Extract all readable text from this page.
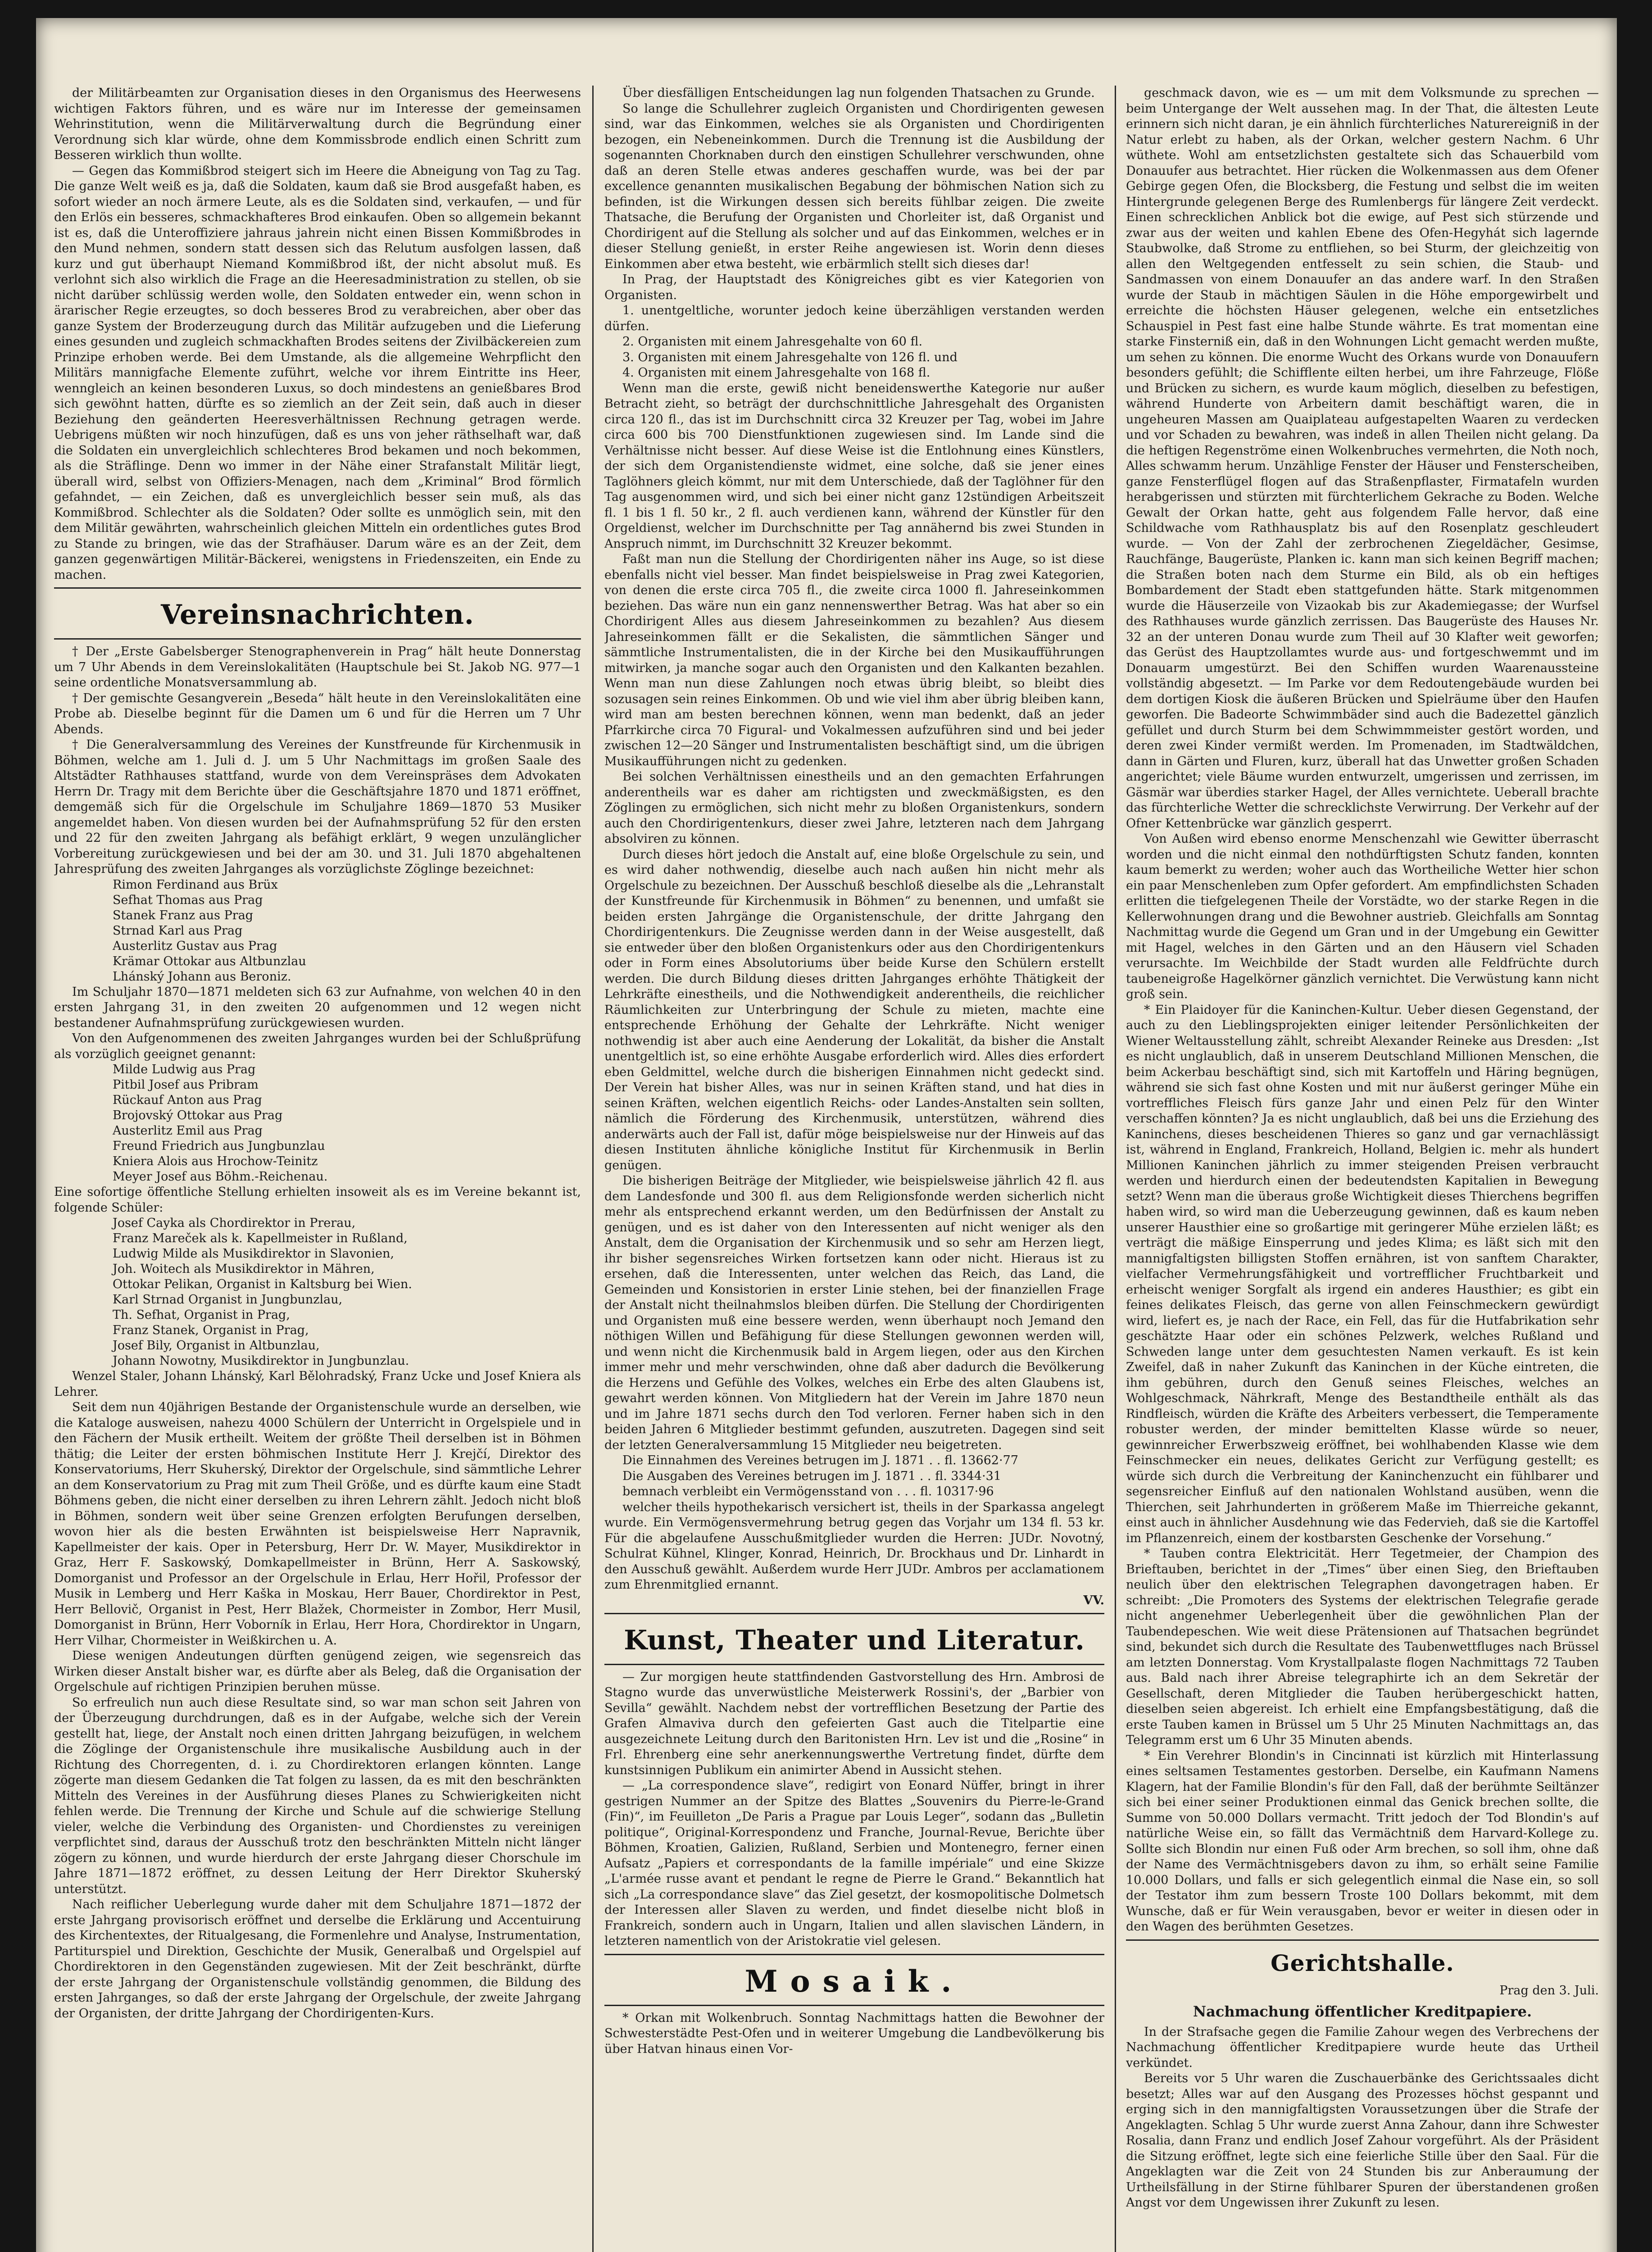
der Militärbeamten zur Organisation dieses in den Organismus des Heerwesens wichtigen Faktors führen, und es wäre nur im Interesse der gemeinsamen Wehrinstitution, wenn die Militärverwaltung durch die Begründung einer Verordnung sich klar würde, ohne dem Kommissbrode endlich einen Schritt zum Besseren wirklich thun wollte.

— Gegen das Kommißbrod steigert sich im Heere die Abneigung von Tag zu Tag. Die ganze Welt weiß es ja, daß die Soldaten, kaum daß sie Brod ausgefaßt haben, es sofort wieder an noch ärmere Leute, als es die Soldaten sind, verkaufen, — und für den Erlös ein besseres, schmackhafteres Brod einkaufen. Oben so allgemein bekannt ist es, daß die Unteroffiziere jahraus jahrein nicht einen Bissen Kommißbrodes in den Mund nehmen, sondern statt dessen sich das Relutum ausfolgen lassen, daß kurz und gut überhaupt Niemand Kommißbrod ißt, der nicht absolut muß. Es verlohnt sich also wirklich die Frage an die Heeresadministration zu stellen, ob sie nicht darüber schlüssig werden wolle, den Soldaten entweder ein, wenn schon in ärarischer Regie erzeugtes, so doch besseres Brod zu verabreichen, aber ober das ganze System der Broderzeugung durch das Militär aufzugeben und die Lieferung eines gesunden und zugleich schmackhaften Brodes seitens der Zivilbäckereien zum Prinzipe erhoben werde. Bei dem Umstande, als die allgemeine Wehrpflicht den Militärs mannigfache Elemente zuführt, welche vor ihrem Eintritte ins Heer, wenngleich an keinen besonderen Luxus, so doch mindestens an genießbares Brod sich gewöhnt hatten, dürfte es so ziemlich an der Zeit sein, daß auch in dieser Beziehung den geänderten Heeresverhältnissen Rechnung getragen werde. Uebrigens müßten wir noch hinzufügen, daß es uns von jeher räthselhaft war, daß die Soldaten ein unvergleichlich schlechteres Brod bekamen und noch bekommen, als die Sträflinge. Denn wo immer in der Nähe einer Strafanstalt Militär liegt, überall wird, selbst von Offiziers-Menagen, nach dem „Kriminal“ Brod förmlich gefahndet, — ein Zeichen, daß es unvergleichlich besser sein muß, als das Kommißbrod. Schlechter als die Soldaten? Oder sollte es unmöglich sein, mit den dem Militär gewährten, wahrscheinlich gleichen Mitteln ein ordentliches gutes Brod zu Stande zu bringen, wie das der Strafhäuser. Darum wäre es an der Zeit, dem ganzen gegenwärtigen Militär-Bäckerei, wenigstens in Friedenszeiten, ein Ende zu machen.

Vereinsnachrichten.

† Der „Erste Gabelsberger Stenographenverein in Prag“ hält heute Donnerstag um 7 Uhr Abends in dem Vereinslokalitäten (Hauptschule bei St. Jakob NG. 977—1 seine ordentliche Monatsversammlung ab.

† Der gemischte Gesangverein „Beseda“ hält heute in den Vereinslokalitäten eine Probe ab. Dieselbe beginnt für die Damen um 6 und für die Herren um 7 Uhr Abends.

† Die Generalversammlung des Vereines der Kunstfreunde für Kirchenmusik in Böhmen, welche am 1. Juli d. J. um 5 Uhr Nachmittags im großen Saale des Altstädter Rathhauses stattfand, wurde von dem Vereinspräses dem Advokaten Herrn Dr. Tragy mit dem Berichte über die Geschäftsjahre 1870 und 1871 eröffnet, demgemäß sich für die Orgelschule im Schuljahre 1869—1870 53 Musiker angemeldet haben. Von diesen wurden bei der Aufnahmsprüfung 52 für den ersten und 22 für den zweiten Jahrgang als befähigt erklärt, 9 wegen unzulänglicher Vorbereitung zurückgewiesen und bei der am 30. und 31. Juli 1870 abgehaltenen Jahresprüfung des zweiten Jahrganges als vorzüglichste Zöglinge bezeichnet:

Rimon Ferdinand aus Brüx
Sefhat Thomas aus Prag
Stanek Franz aus Prag
Strnad Karl aus Prag
Austerlitz Gustav aus Prag
Krämar Ottokar aus Altbunzlau
Lhánský Johann aus Beroniz.

Im Schuljahr 1870—1871 meldeten sich 63 zur Aufnahme, von welchen 40 in den ersten Jahrgang 31, in den zweiten 20 aufgenommen und 12 wegen nicht bestandener Aufnahmsprüfung zurückgewiesen wurden.

Von den Aufgenommenen des zweiten Jahrganges wurden bei der Schlußprüfung als vorzüglich geeignet genannt:

Milde Ludwig aus Prag
Pitbil Josef aus Pribram
Rückauf Anton aus Prag
Brojovský Ottokar aus Prag
Austerlitz Emil aus Prag
Freund Friedrich aus Jungbunzlau
Kniera Alois aus Hrochow-Teinitz
Meyer Josef aus Böhm.-Reichenau.

Eine sofortige öffentliche Stellung erhielten insoweit als es im Vereine bekannt ist, folgende Schüler:

Josef Cayka als Chordirektor in Prerau,
Franz Mareček als k. Kapellmeister in Rußland,
Ludwig Milde als Musikdirektor in Slavonien,
Joh. Woitech als Musikdirektor in Mähren,
Ottokar Pelikan, Organist in Kaltsburg bei Wien.
Karl Strnad Organist in Jungbunzlau,
Th. Sefhat, Organist in Prag,
Franz Stanek, Organist in Prag,
Josef Bily, Organist in Altbunzlau,
Johann Nowotny, Musikdirektor in Jungbunzlau.

Wenzel Staler, Johann Lhánský, Karl Bělohradský, Franz Ucke und Josef Kniera als Lehrer.

Seit dem nun 40jährigen Bestande der Organistenschule wurde an derselben, wie die Kataloge ausweisen, nahezu 4000 Schülern der Unterricht in Orgelspiele und in den Fächern der Musik ertheilt. Weitem der größte Theil derselben ist in Böhmen thätig; die Leiter der ersten böhmischen Institute Herr J. Krejčí, Direktor des Konservatoriums, Herr Skuherský, Direktor der Orgelschule, sind sämmtliche Lehrer an dem Konservatorium zu Prag mit zum Theil Größe, und es dürfte kaum eine Stadt Böhmens geben, die nicht einer derselben zu ihren Lehrern zählt. Jedoch nicht bloß in Böhmen, sondern weit über seine Grenzen erfolgten Berufungen derselben, wovon hier als die besten Erwähnten ist beispielsweise Herr Napravnik, Kapellmeister der kais. Oper in Petersburg, Herr Dr. W. Mayer, Musikdirektor in Graz, Herr F. Saskowský, Domkapellmeister in Brünn, Herr A. Saskowský, Domorganist und Professor an der Orgelschule in Erlau, Herr Hořil, Professor der Musik in Lemberg und Herr Kaška in Moskau, Herr Bauer, Chordirektor in Pest, Herr Bellovič, Organist in Pest, Herr Blažek, Chormeister in Zombor, Herr Musil, Domorganist in Brünn, Herr Voborník in Erlau, Herr Hora, Chordirektor in Ungarn, Herr Vilhar, Chormeister in Weißkirchen u. A.

Diese wenigen Andeutungen dürften genügend zeigen, wie segensreich das Wirken dieser Anstalt bisher war, es dürfte aber als Beleg, daß die Organisation der Orgelschule auf richtigen Prinzipien beruhen müsse.

So erfreulich nun auch diese Resultate sind, so war man schon seit Jahren von der Überzeugung durchdrungen, daß es in der Aufgabe, welche sich der Verein gestellt hat, liege, der Anstalt noch einen dritten Jahrgang beizufügen, in welchem die Zöglinge der Organistenschule ihre musikalische Ausbildung auch in der Richtung des Chorregenten, d. i. zu Chordirektoren erlangen könnten. Lange zögerte man diesem Gedanken die Tat folgen zu lassen, da es mit den beschränkten Mitteln des Vereines in der Ausführung dieses Planes zu Schwierigkeiten nicht fehlen werde. Die Trennung der Kirche und Schule auf die schwierige Stellung vieler, welche die Verbindung des Organisten- und Chordienstes zu vereinigen verpflichtet sind, daraus der Ausschuß trotz den beschränkten Mitteln nicht länger zögern zu können, und wurde hierdurch der erste Jahrgang dieser Chorschule im Jahre 1871—1872 eröffnet, zu dessen Leitung der Herr Direktor Skuherský unterstützt.

Nach reiflicher Ueberlegung wurde daher mit dem Schuljahre 1871—1872 der erste Jahrgang provisorisch eröffnet und derselbe die Erklärung und Accentuirung des Kirchentextes, der Ritualgesang, die Formenlehre und Analyse, Instrumentation, Partiturspiel und Direktion, Geschichte der Musik, Generalbaß und Orgelspiel auf Chordirektoren in den Gegenständen zugewiesen. Mit der Zeit beschränkt, dürfte der erste Jahrgang der Organistenschule vollständig genommen, die Bildung des ersten Jahrganges, so daß der erste Jahrgang der Orgelschule, der zweite Jahrgang der Organisten, der dritte Jahrgang der Chordirigenten-Kurs.

Über diesfälligen Entscheidungen lag nun folgenden Thatsachen zu Grunde.

So lange die Schullehrer zugleich Organisten und Chordirigenten gewesen sind, war das Einkommen, welches sie als Organisten und Chordirigenten bezogen, ein Nebeneinkommen. Durch die Trennung ist die Ausbildung der sogenannten Chorknaben durch den einstigen Schullehrer verschwunden, ohne daß an deren Stelle etwas anderes geschaffen wurde, was bei der par excellence genannten musikalischen Begabung der böhmischen Nation sich zu befinden, ist die Wirkungen dessen sich bereits fühlbar zeigen. Die zweite Thatsache, die Berufung der Organisten und Chorleiter ist, daß Organist und Chordirigent auf die Stellung als solcher und auf das Einkommen, welches er in dieser Stellung genießt, in erster Reihe angewiesen ist. Worin denn dieses Einkommen aber etwa besteht, wie erbärmlich stellt sich dieses dar!

In Prag, der Hauptstadt des Königreiches gibt es vier Kategorien von Organisten.

1. unentgeltliche, worunter jedoch keine überzähligen verstanden werden dürfen.

2. Organisten mit einem Jahresgehalte von 60 fl.

3. Organisten mit einem Jahresgehalte von 126 fl. und

4. Organisten mit einem Jahresgehalte von 168 fl.

Wenn man die erste, gewiß nicht beneidenswerthe Kategorie nur außer Betracht zieht, so beträgt der durchschnittliche Jahresgehalt des Organisten circa 120 fl., das ist im Durchschnitt circa 32 Kreuzer per Tag, wobei im Jahre circa 600 bis 700 Dienstfunktionen zugewiesen sind. Im Lande sind die Verhältnisse nicht besser. Auf diese Weise ist die Entlohnung eines Künstlers, der sich dem Organistendienste widmet, eine solche, daß sie jener eines Taglöhners gleich kömmt, nur mit dem Unterschiede, daß der Taglöhner für den Tag ausgenommen wird, und sich bei einer nicht ganz 12stündigen Arbeitszeit fl. 1 bis 1 fl. 50 kr., 2 fl. auch verdienen kann, während der Künstler für den Orgeldienst, welcher im Durchschnitte per Tag annähernd bis zwei Stunden in Anspruch nimmt, im Durchschnitt 32 Kreuzer bekommt.

Faßt man nun die Stellung der Chordirigenten näher ins Auge, so ist diese ebenfalls nicht viel besser. Man findet beispielsweise in Prag zwei Kategorien, von denen die erste circa 705 fl., die zweite circa 1000 fl. Jahreseinkommen beziehen. Das wäre nun ein ganz nennenswerther Betrag. Was hat aber so ein Chordirigent Alles aus diesem Jahreseinkommen zu bezahlen? Aus diesem Jahreseinkommen fällt er die Sekalisten, die sämmtlichen Sänger und sämmtliche Instrumentalisten, die in der Kirche bei den Musikaufführungen mitwirken, ja manche sogar auch den Organisten und den Kalkanten bezahlen. Wenn man nun diese Zahlungen noch etwas übrig bleibt, so bleibt dies sozusagen sein reines Einkommen. Ob und wie viel ihm aber übrig bleiben kann, wird man am besten berechnen können, wenn man bedenkt, daß an jeder Pfarrkirche circa 70 Figural- und Vokalmessen aufzuführen sind und bei jeder zwischen 12—20 Sänger und Instrumentalisten beschäftigt sind, um die übrigen Musikaufführungen nicht zu gedenken.

Bei solchen Verhältnissen einestheils und an den gemachten Erfahrungen anderentheils war es daher am richtigsten und zweckmäßigsten, es den Zöglingen zu ermöglichen, sich nicht mehr zu bloßen Organistenkurs, sondern auch den Chordirigentenkurs, dieser zwei Jahre, letzteren nach dem Jahrgang absolviren zu können.

Durch dieses hört jedoch die Anstalt auf, eine bloße Orgelschule zu sein, und es wird daher nothwendig, dieselbe auch nach außen hin nicht mehr als Orgelschule zu bezeichnen. Der Ausschuß beschloß dieselbe als die „Lehranstalt der Kunstfreunde für Kirchenmusik in Böhmen“ zu benennen, und umfaßt sie beiden ersten Jahrgänge die Organistenschule, der dritte Jahrgang den Chordirigentenkurs. Die Zeugnisse werden dann in der Weise ausgestellt, daß sie entweder über den bloßen Organistenkurs oder aus den Chordirigentenkurs oder in Form eines Absolutoriums über beide Kurse den Schülern erstellt werden. Die durch Bildung dieses dritten Jahrganges erhöhte Thätigkeit der Lehrkräfte einestheils, und die Nothwendigkeit anderentheils, die reichlicher Räumlichkeiten zur Unterbringung der Schule zu mieten, machte eine entsprechende Erhöhung der Gehalte der Lehrkräfte. Nicht weniger nothwendig ist aber auch eine Aenderung der Lokalität, da bisher die Anstalt unentgeltlich ist, so eine erhöhte Ausgabe erforderlich wird. Alles dies erfordert eben Geldmittel, welche durch die bisherigen Einnahmen nicht gedeckt sind. Der Verein hat bisher Alles, was nur in seinen Kräften stand, und hat dies in seinen Kräften, welchen eigentlich Reichs- oder Landes-Anstalten sein sollten, nämlich die Förderung des Kirchenmusik, unterstützen, während dies anderwärts auch der Fall ist, dafür möge beispielsweise nur der Hinweis auf das diesen Instituten ähnliche königliche Institut für Kirchenmusik in Berlin genügen.

Die bisherigen Beiträge der Mitglieder, wie beispielsweise jährlich 42 fl. aus dem Landesfonde und 300 fl. aus dem Religionsfonde werden sicherlich nicht mehr als entsprechend erkannt werden, um den Bedürfnissen der Anstalt zu genügen, und es ist daher von den Interessenten auf nicht weniger als den Anstalt, dem die Organisation der Kirchenmusik und so sehr am Herzen liegt, ihr bisher segensreiches Wirken fortsetzen kann oder nicht. Hieraus ist zu ersehen, daß die Interessenten, unter welchen das Reich, das Land, die Gemeinden und Konsistorien in erster Linie stehen, bei der finanziellen Frage der Anstalt nicht theilnahmslos bleiben dürfen. Die Stellung der Chordirigenten und Organisten muß eine bessere werden, wenn überhaupt noch Jemand den nöthigen Willen und Befähigung für diese Stellungen gewonnen werden will, und wenn nicht die Kirchenmusik bald in Argem liegen, oder aus den Kirchen immer mehr und mehr verschwinden, ohne daß aber dadurch die Bevölkerung die Herzens und Gefühle des Volkes, welches ein Erbe des alten Glaubens ist, gewahrt werden können. Von Mitgliedern hat der Verein im Jahre 1870 neun und im Jahre 1871 sechs durch den Tod verloren. Ferner haben sich in den beiden Jahren 6 Mitglieder bestimmt gefunden, auszutreten. Dagegen sind seit der letzten Generalversammlung 15 Mitglieder neu beigetreten.

Die Einnahmen des Vereines betrugen im J. 1871 . . fl. 13662·77

Die Ausgaben des Vereines betrugen im J. 1871 . . fl. 3344·31

bemnach verbleibt ein Vermögensstand von . . . fl. 10317·96

welcher theils hypothekarisch versichert ist, theils in der Sparkassa angelegt wurde. Ein Vermögensvermehrung betrug gegen das Vorjahr um 134 fl. 53 kr. Für die abgelaufene Ausschußmitglieder wurden die Herren: JUDr. Novotný, Schulrat Kühnel, Klinger, Konrad, Heinrich, Dr. Brockhaus und Dr. Linhardt in den Ausschuß gewählt. Außerdem wurde Herr JUDr. Ambros per acclamationem zum Ehrenmitglied ernannt.

VV.
Kunst, Theater und Literatur.

— Zur morgigen heute stattfindenden Gastvorstellung des Hrn. Ambrosi de Stagno wurde das unverwüstliche Meisterwerk Rossini's, der „Barbier von Sevilla“ gewählt. Nachdem nebst der vortrefflichen Besetzung der Partie des Grafen Almaviva durch den gefeierten Gast auch die Titelpartie eine ausgezeichnete Leitung durch den Baritonisten Hrn. Lev ist und die „Rosine“ in Frl. Ehrenberg eine sehr anerkennungswerthe Vertretung findet, dürfte dem kunstsinnigen Publikum ein animirter Abend in Aussicht stehen.

— „La correspondence slave“, redigirt von Eonard Nüffer, bringt in ihrer gestrigen Nummer an der Spitze des Blattes „Souvenirs du Pierre-le-Grand (Fin)“, im Feuilleton „De Paris a Prague par Louis Leger“, sodann das „Bulletin politique“, Original-Korrespondenz und Franche, Journal-Revue, Berichte über Böhmen, Kroatien, Galizien, Rußland, Serbien und Montenegro, ferner einen Aufsatz „Papiers et correspondants de la famille impériale“ und eine Skizze „L'armée russe avant et pendant le regne de Pierre le Grand.“ Bekanntlich hat sich „La correspondance slave“ das Ziel gesetzt, der kosmopolitische Dolmetsch der Interessen aller Slaven zu werden, und findet dieselbe nicht bloß in Frankreich, sondern auch in Ungarn, Italien und allen slavischen Ländern, in letzteren namentlich von der Aristokratie viel gelesen.

Mosaik.

* Orkan mit Wolkenbruch. Sonntag Nachmittags hatten die Bewohner der Schwesterstädte Pest-Ofen und in weiterer Umgebung die Landbevölkerung bis über Hatvan hinaus einen Vor-

geschmack davon, wie es — um mit dem Volksmunde zu sprechen — beim Untergange der Welt aussehen mag. In der That, die ältesten Leute erinnern sich nicht daran, je ein ähnlich fürchterliches Naturereigniß in der Natur erlebt zu haben, als der Orkan, welcher gestern Nachm. 6 Uhr wüthete. Wohl am entsetzlichsten gestaltete sich das Schauerbild vom Donauufer aus betrachtet. Hier rücken die Wolkenmassen aus dem Ofener Gebirge gegen Ofen, die Blocksberg, die Festung und selbst die im weiten Hintergrunde gelegenen Berge des Rumlenbergs für längere Zeit verdeckt. Einen schrecklichen Anblick bot die ewige, auf Pest sich stürzende und zwar aus der weiten und kahlen Ebene des Ofen-Hegyhát sich lagernde Staubwolke, daß Strome zu entfliehen, so bei Sturm, der gleichzeitig von allen den Weltgegenden entfesselt zu sein schien, die Staub- und Sandmassen von einem Donauufer an das andere warf. In den Straßen wurde der Staub in mächtigen Säulen in die Höhe emporgewirbelt und erreichte die höchsten Häuser gelegenen, welche ein entsetzliches Schauspiel in Pest fast eine halbe Stunde währte. Es trat momentan eine starke Finsterniß ein, daß in den Wohnungen Licht gemacht werden mußte, um sehen zu können. Die enorme Wucht des Orkans wurde von Donauufern besonders gefühlt; die Schifflente eilten herbei, um ihre Fahrzeuge, Flöße und Brücken zu sichern, es wurde kaum möglich, dieselben zu befestigen, während Hunderte von Arbeitern damit beschäftigt waren, die in ungeheuren Massen am Quaiplateau aufgestapelten Waaren zu verdecken und vor Schaden zu bewahren, was indeß in allen Theilen nicht gelang. Da die heftigen Regenströme einen Wolkenbruches vermehrten, die Noth noch, Alles schwamm herum. Unzählige Fenster der Häuser und Fensterscheiben, ganze Fensterflügel flogen auf das Straßenpflaster, Firmatafeln wurden herabgerissen und stürzten mit fürchterlichem Gekrache zu Boden. Welche Gewalt der Orkan hatte, geht aus folgendem Falle hervor, daß eine Schildwache vom Rathhausplatz bis auf den Rosenplatz geschleudert wurde. — Von der Zahl der zerbrochenen Ziegeldächer, Gesimse, Rauchfänge, Baugerüste, Planken ic. kann man sich keinen Begriff machen; die Straßen boten nach dem Sturme ein Bild, als ob ein heftiges Bombardement der Stadt eben stattgefunden hätte. Stark mitgenommen wurde die Häuserzeile von Vizaokab bis zur Akademiegasse; der Wurfsel des Rathhauses wurde gänzlich zerrissen. Das Baugerüste des Hauses Nr. 32 an der unteren Donau wurde zum Theil auf 30 Klafter weit geworfen; das Gerüst des Hauptzollamtes wurde aus- und fortgeschwemmt und im Donauarm umgestürzt. Bei den Schiffen wurden Waarenaussteine vollständig abgesetzt. — Im Parke vor dem Redoutengebäude wurden bei dem dortigen Kiosk die äußeren Brücken und Spielräume über den Haufen geworfen. Die Badeorte Schwimmbäder sind auch die Badezettel gänzlich gefüllet und durch Sturm bei dem Schwimmmeister gestört worden, und deren zwei Kinder vermißt werden. Im Promenaden, im Stadtwäldchen, dann in Gärten und Fluren, kurz, überall hat das Unwetter großen Schaden angerichtet; viele Bäume wurden entwurzelt, umgerissen und zerrissen, im Gäsmär war überdies starker Hagel, der Alles vernichtete. Ueberall brachte das fürchterliche Wetter die schrecklichste Verwirrung. Der Verkehr auf der Ofner Kettenbrücke war gänzlich gesperrt.

Von Außen wird ebenso enorme Menschenzahl wie Gewitter überrascht worden und die nicht einmal den nothdürftigsten Schutz fanden, konnten kaum bemerkt zu werden; woher auch das Wortheiliche Wetter hier schon ein paar Menschenleben zum Opfer gefordert. Am empfindlichsten Schaden erlitten die tiefgelegenen Theile der Vorstädte, wo der starke Regen in die Kellerwohnungen drang und die Bewohner austrieb. Gleichfalls am Sonntag Nachmittag wurde die Gegend um Gran und in der Umgebung ein Gewitter mit Hagel, welches in den Gärten und an den Häusern viel Schaden verursachte. Im Weichbilde der Stadt wurden alle Feldfrüchte durch taubeneigroße Hagelkörner gänzlich vernichtet. Die Verwüstung kann nicht groß sein.

* Ein Plaidoyer für die Kaninchen-Kultur. Ueber diesen Gegenstand, der auch zu den Lieblingsprojekten einiger leitender Persönlichkeiten der Wiener Weltausstellung zählt, schreibt Alexander Reineke aus Dresden: „Ist es nicht unglaublich, daß in unserem Deutschland Millionen Menschen, die beim Ackerbau beschäftigt sind, sich mit Kartoffeln und Häring begnügen, während sie sich fast ohne Kosten und mit nur äußerst geringer Mühe ein vortreffliches Fleisch fürs ganze Jahr und einen Pelz für den Winter verschaffen könnten? Ja es nicht unglaublich, daß bei uns die Erziehung des Kaninchens, dieses bescheidenen Thieres so ganz und gar vernachlässigt ist, während in England, Frankreich, Holland, Belgien ic. mehr als hundert Millionen Kaninchen jährlich zu immer steigenden Preisen verbraucht werden und hierdurch einen der bedeutendsten Kapitalien in Bewegung setzt? Wenn man die überaus große Wichtigkeit dieses Thierchens begriffen haben wird, so wird man die Ueberzeugung gewinnen, daß es kaum neben unserer Hausthier eine so großartige mit geringerer Mühe erzielen läßt; es verträgt die mäßige Einsperrung und jedes Klima; es läßt sich mit den mannigfaltigsten billigsten Stoffen ernähren, ist von sanftem Charakter, vielfacher Vermehrungsfähigkeit und vortrefflicher Fruchtbarkeit und erheischt weniger Sorgfalt als irgend ein anderes Hausthier; es gibt ein feines delikates Fleisch, das gerne von allen Feinschmeckern gewürdigt wird, liefert es, je nach der Race, ein Fell, das für die Hutfabrikation sehr geschätzte Haar oder ein schönes Pelzwerk, welches Rußland und Schweden lange unter dem gesuchtesten Namen verkauft. Es ist kein Zweifel, daß in naher Zukunft das Kaninchen in der Küche eintreten, die ihm gebühren, durch den Genuß seines Fleisches, welches an Wohlgeschmack, Nährkraft, Menge des Bestandtheile enthält als das Rindfleisch, würden die Kräfte des Arbeiters verbessert, die Temperamente robuster werden, der minder bemittelten Klasse würde so neuer, gewinnreicher Erwerbszweig eröffnet, bei wohlhabenden Klasse wie dem Feinschmecker ein neues, delikates Gericht zur Verfügung gestellt; es würde sich durch die Verbreitung der Kaninchenzucht ein fühlbarer und segensreicher Einfluß auf den nationalen Wohlstand ausüben, wenn die Thierchen, seit Jahrhunderten in größerem Maße im Thierreiche gekannt, einst auch in ähnlicher Ausdehnung wie das Federvieh, daß sie die Kartoffel im Pflanzenreich, einem der kostbarsten Geschenke der Vorsehung.“

* Tauben contra Elektricität. Herr Tegetmeier, der Champion des Brieftauben, berichtet in der „Times“ über einen Sieg, den Brieftauben neulich über den elektrischen Telegraphen davongetragen haben. Er schreibt: „Die Promoters des Systems der elektrischen Telegrafie gerade nicht angenehmer Ueberlegenheit über die gewöhnlichen Plan der Taubendepeschen. Wie weit diese Prätensionen auf Thatsachen begründet sind, bekundet sich durch die Resultate des Taubenwettfluges nach Brüssel am letzten Donnerstag. Vom Krystallpalaste flogen Nachmittags 72 Tauben aus. Bald nach ihrer Abreise telegraphirte ich an dem Sekretär der Gesellschaft, deren Mitglieder die Tauben herübergeschickt hatten, dieselben seien abgereist. Ich erhielt eine Empfangsbestätigung, daß die erste Tauben kamen in Brüssel um 5 Uhr 25 Minuten Nachmittags an, das Telegramm erst um 6 Uhr 35 Minuten abends.

* Ein Verehrer Blondin's in Cincinnati ist kürzlich mit Hinterlassung eines seltsamen Testamentes gestorben. Derselbe, ein Kaufmann Namens Klagern, hat der Familie Blondin's für den Fall, daß der berühmte Seiltänzer sich bei einer seiner Produktionen einmal das Genick brechen sollte, die Summe von 50.000 Dollars vermacht. Tritt jedoch der Tod Blondin's auf natürliche Weise ein, so fällt das Vermächtniß dem Harvard-Kollege zu. Sollte sich Blondin nur einen Fuß oder Arm brechen, so soll ihm, ohne daß der Name des Vermächtnisgebers davon zu ihm, so erhält seine Familie 10.000 Dollars, und falls er sich gelegentlich einmal die Nase ein, so soll der Testator ihm zum bessern Troste 100 Dollars bekommt, mit dem Wunsche, daß er für Wein verausgaben, bevor er weiter in diesen oder in den Wagen des berühmten Gesetzes.

Gerichtshalle.
Prag den 3. Juli.
Nachmachung öffentlicher Kreditpapiere.

In der Strafsache gegen die Familie Zahour wegen des Verbrechens der Nachmachung öffentlicher Kreditpapiere wurde heute das Urtheil verkündet.

Bereits vor 5 Uhr waren die Zuschauerbänke des Gerichtssaales dicht besetzt; Alles war auf den Ausgang des Prozesses höchst gespannt und erging sich in den mannigfaltigsten Voraussetzungen über die Strafe der Angeklagten. Schlag 5 Uhr wurde zuerst Anna Zahour, dann ihre Schwester Rosalia, dann Franz und endlich Josef Zahour vorgeführt. Als der Präsident die Sitzung eröffnet, legte sich eine feierliche Stille über den Saal. Für die Angeklagten war die Zeit von 24 Stunden bis zur Anberaumung der Urtheilsfällung in der Stirne fühlbarer Spuren der überstandenen großen Angst vor dem Ungewissen ihrer Zukunft zu lesen.
